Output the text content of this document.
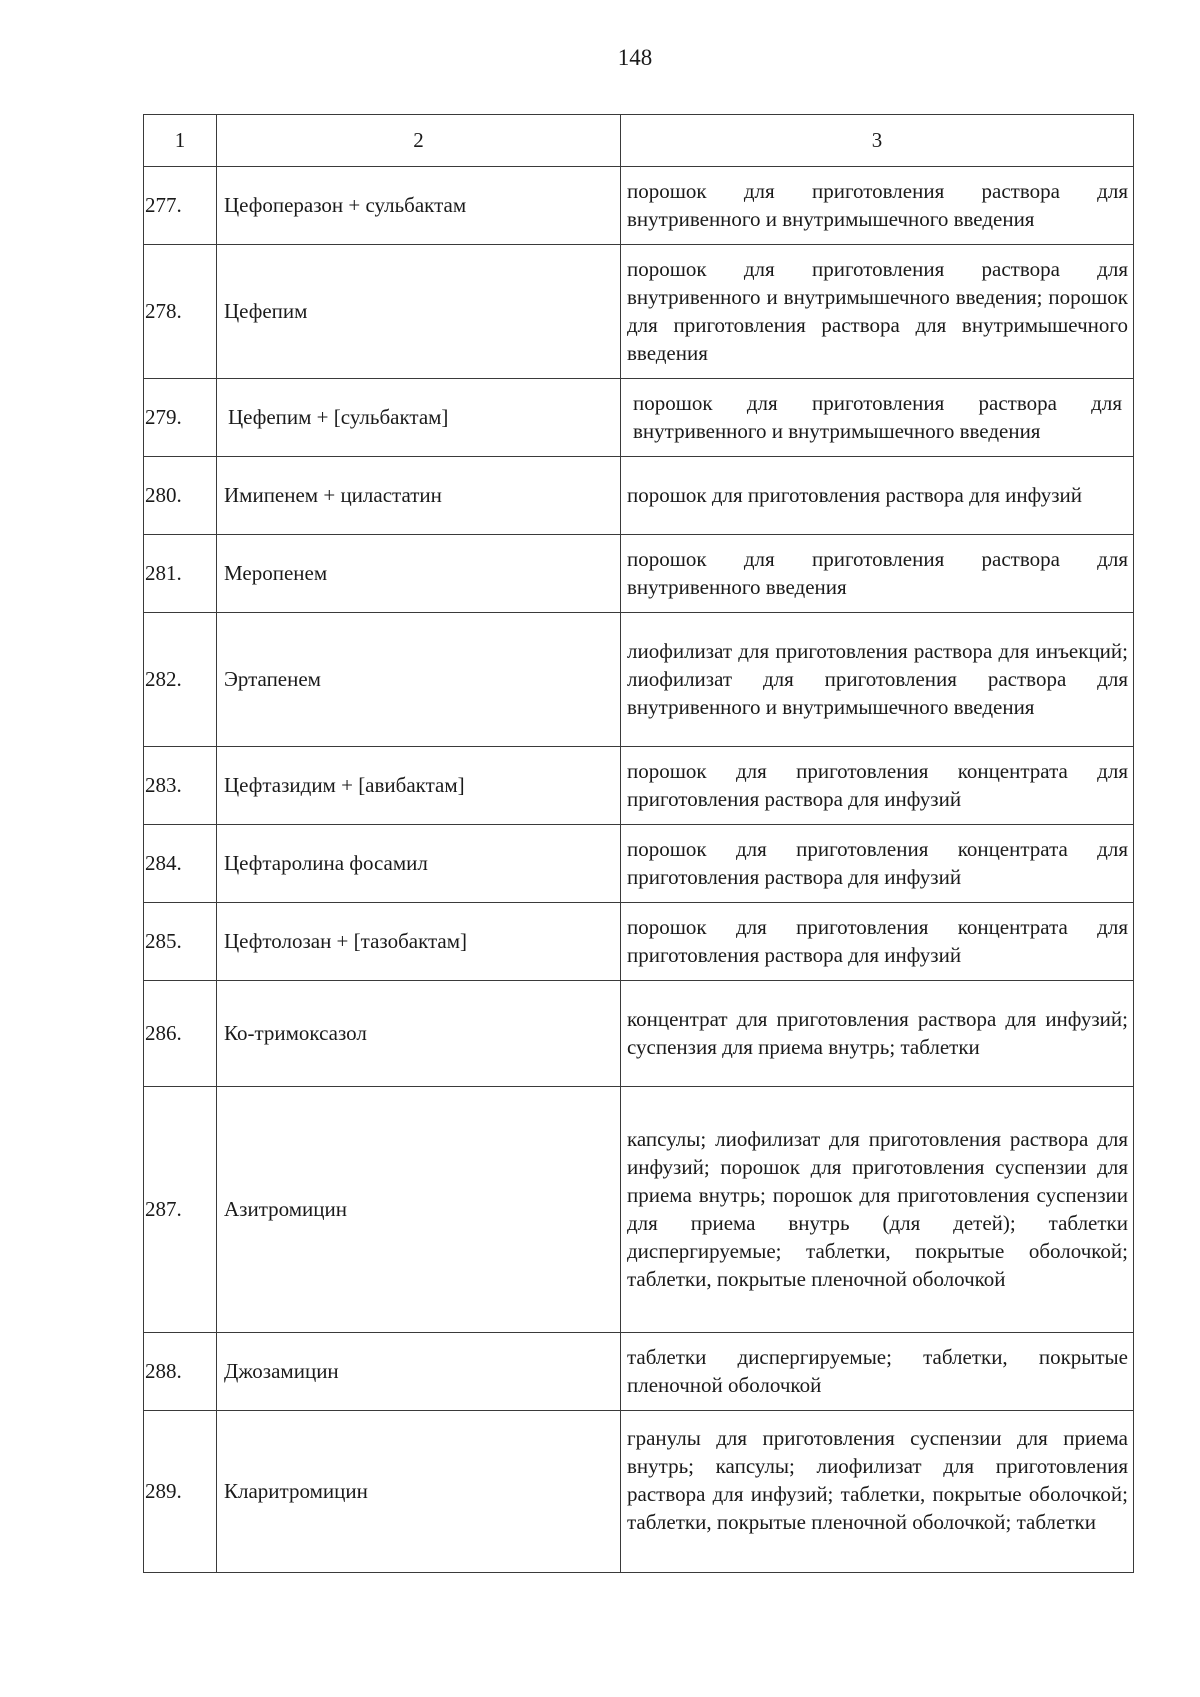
148
1	2	3
277.	Цефоперазон + сульбактам	порошок для приготовления раствора для внутривенного и внутримышечного введения
278.	Цефепим	порошок для приготовления раствора для внутривенного и внутримышечного введения; порошок для приготовления раствора для внутримышечного введения
279.	Цефепим + [сульбактам]	порошок для приготовления раствора для внутривенного и внутримышечного введения
280.	Имипенем + циластатин	порошок для приготовления раствора для инфузий
281.	Меропенем	порошок для приготовления раствора для внутривенного введения
282.	Эртапенем	лиофилизат для приготовления раствора для инъекций; лиофилизат для приготовления раствора для внутривенного и внутримышечного введения
283.	Цефтазидим + [авибактам]	порошок для приготовления концентрата для приготовления раствора для инфузий
284.	Цефтаролина фосамил	порошок для приготовления концентрата для приготовления раствора для инфузий
285.	Цефтолозан + [тазобактам]	порошок для приготовления концентрата для приготовления раствора для инфузий
286.	Ко-тримоксазол	концентрат для приготовления раствора для инфузий; суспензия для приема внутрь; таблетки
287.	Азитромицин	капсулы; лиофилизат для приготовления раствора для инфузий; порошок для приготовления суспензии для приема внутрь; порошок для приготовления суспензии для приема внутрь (для детей); таблетки диспергируемые; таблетки, покрытые оболочкой; таблетки, покрытые пленочной оболочкой
288.	Джозамицин	таблетки диспергируемые; таблетки, покрытые пленочной оболочкой
289.	Кларитромицин	гранулы для приготовления суспензии для приема внутрь; капсулы; лиофилизат для приготовления раствора для инфузий; таблетки, покрытые оболочкой; таблетки, покрытые пленочной оболочкой; таблетки
